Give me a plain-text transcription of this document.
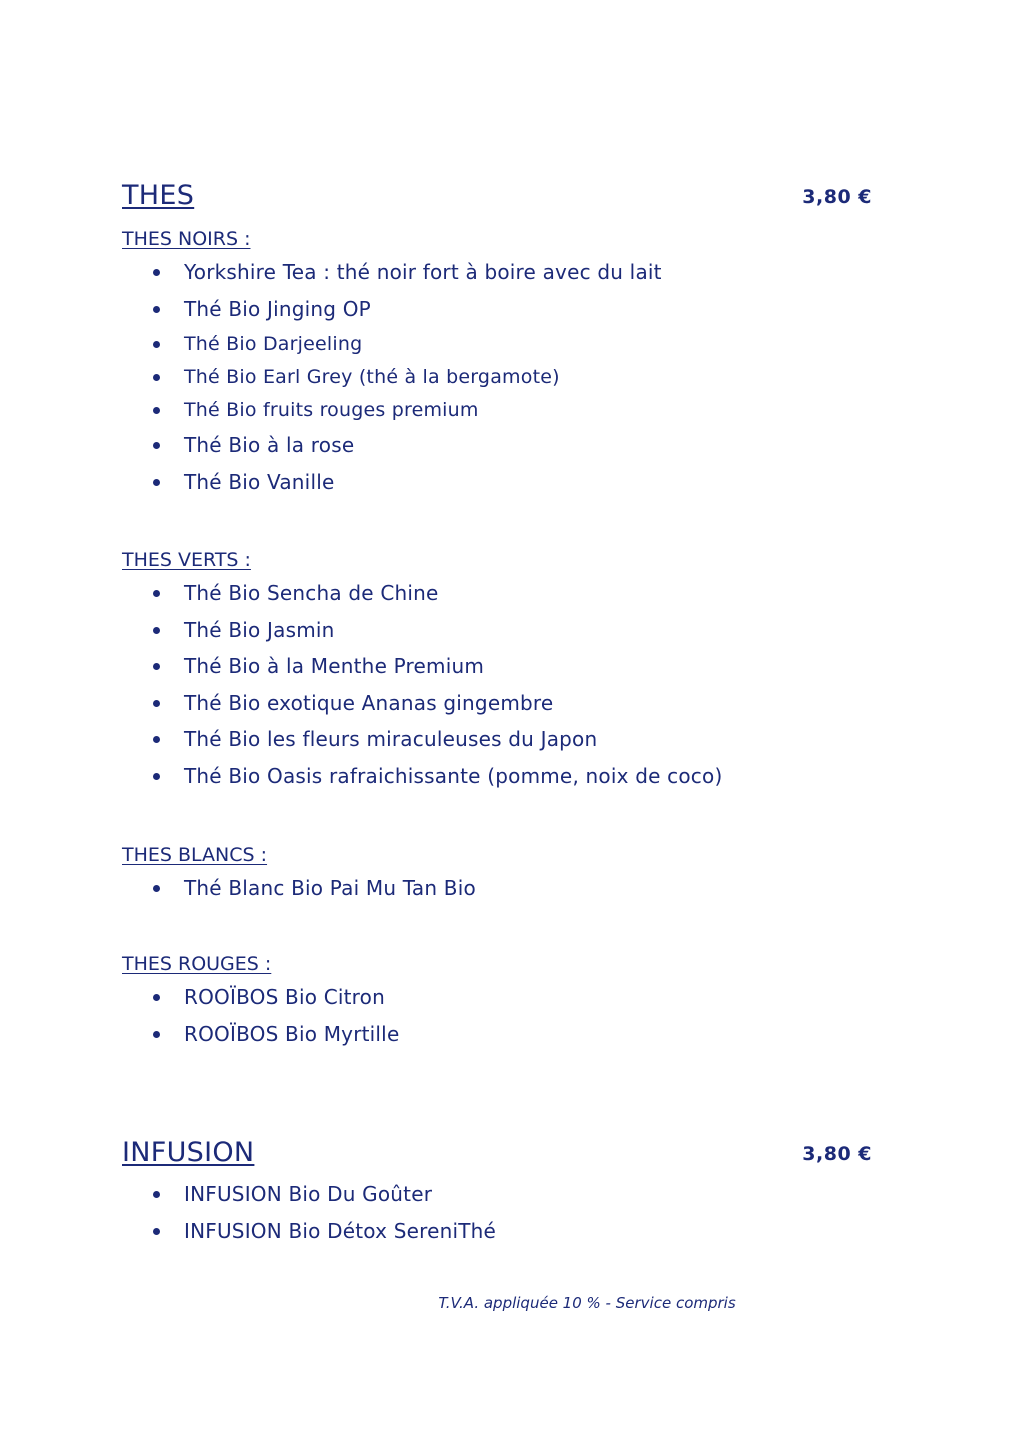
THES	3,80 €
THES NOIRS :
Yorkshire Tea : thé noir fort à boire avec du lait
Thé Bio Jinging OP
Thé Bio Darjeeling
Thé Bio Earl Grey (thé à la bergamote)
Thé Bio fruits rouges premium
Thé Bio à la rose
Thé Bio Vanille
THES VERTS :
Thé Bio Sencha de Chine
Thé Bio Jasmin
Thé Bio à la Menthe Premium
Thé Bio exotique Ananas gingembre
Thé Bio les fleurs miraculeuses du Japon
Thé Bio Oasis rafraichissante (pomme, noix de coco)
THES BLANCS :
Thé Blanc Bio Pai Mu Tan Bio
THES ROUGES :
ROOÏBOS Bio Citron
ROOÏBOS Bio Myrtille
INFUSION	3,80 €
INFUSION Bio Du Goûter
INFUSION Bio Détox SereniThé
T.V.A. appliquée 10 % - Service compris
